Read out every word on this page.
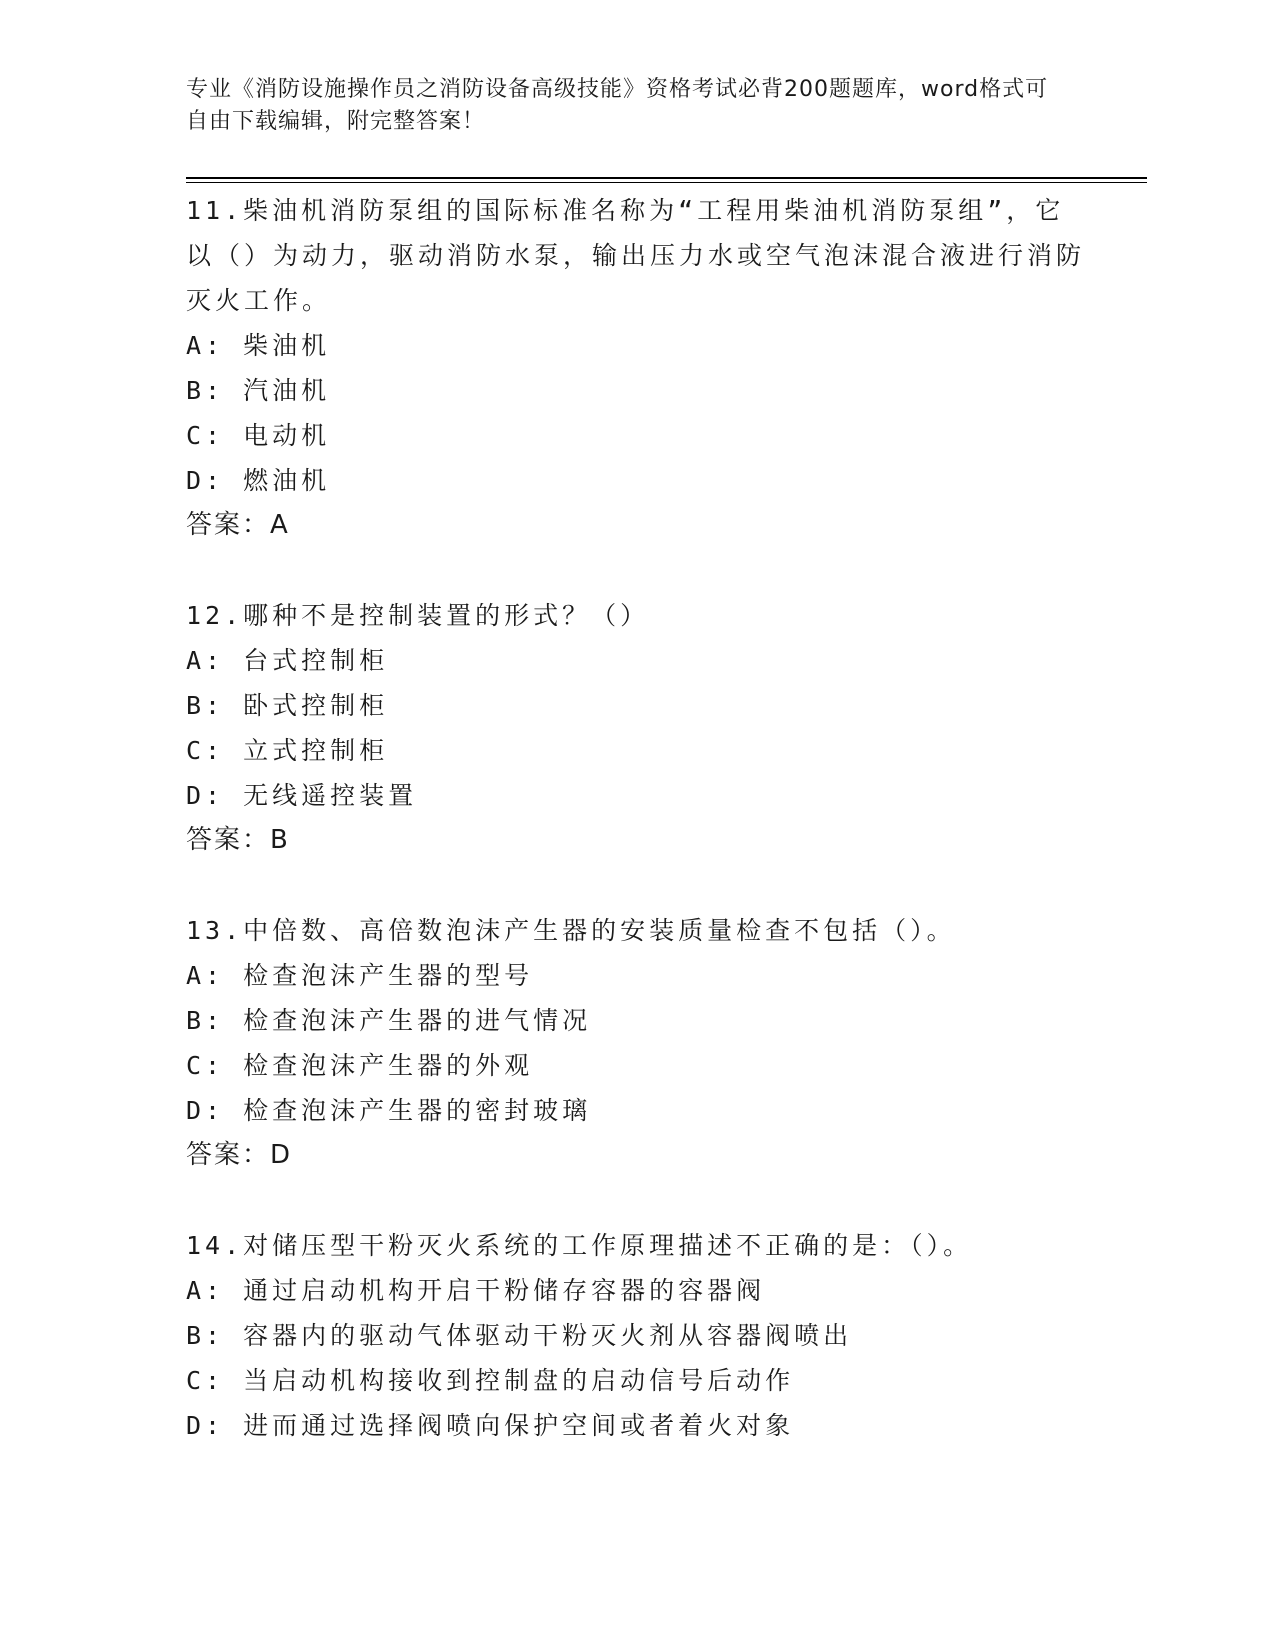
专业《消防设施操作员之消防设备高级技能》资格考试必背200题题库，word格式可自由下载编辑，附完整答案！
11.柴油机消防泵组的国际标准名称为“工程用柴油机消防泵组”，它以（）为动力，驱动消防水泵，输出压力水或空气泡沫混合液进行消防灭火工作。
A: 柴油机
B: 汽油机
C: 电动机
D: 燃油机
答案：A
12.哪种不是控制装置的形式？（）
A: 台式控制柜
B: 卧式控制柜
C: 立式控制柜
D: 无线遥控装置
答案：B
13.中倍数、高倍数泡沫产生器的安装质量检查不包括（）。
A: 检查泡沫产生器的型号
B: 检查泡沫产生器的进气情况
C: 检查泡沫产生器的外观
D: 检查泡沫产生器的密封玻璃
答案：D
14.对储压型干粉灭火系统的工作原理描述不正确的是：（）。
A: 通过启动机构开启干粉储存容器的容器阀
B: 容器内的驱动气体驱动干粉灭火剂从容器阀喷出
C: 当启动机构接收到控制盘的启动信号后动作
D: 进而通过选择阀喷向保护空间或者着火对象
